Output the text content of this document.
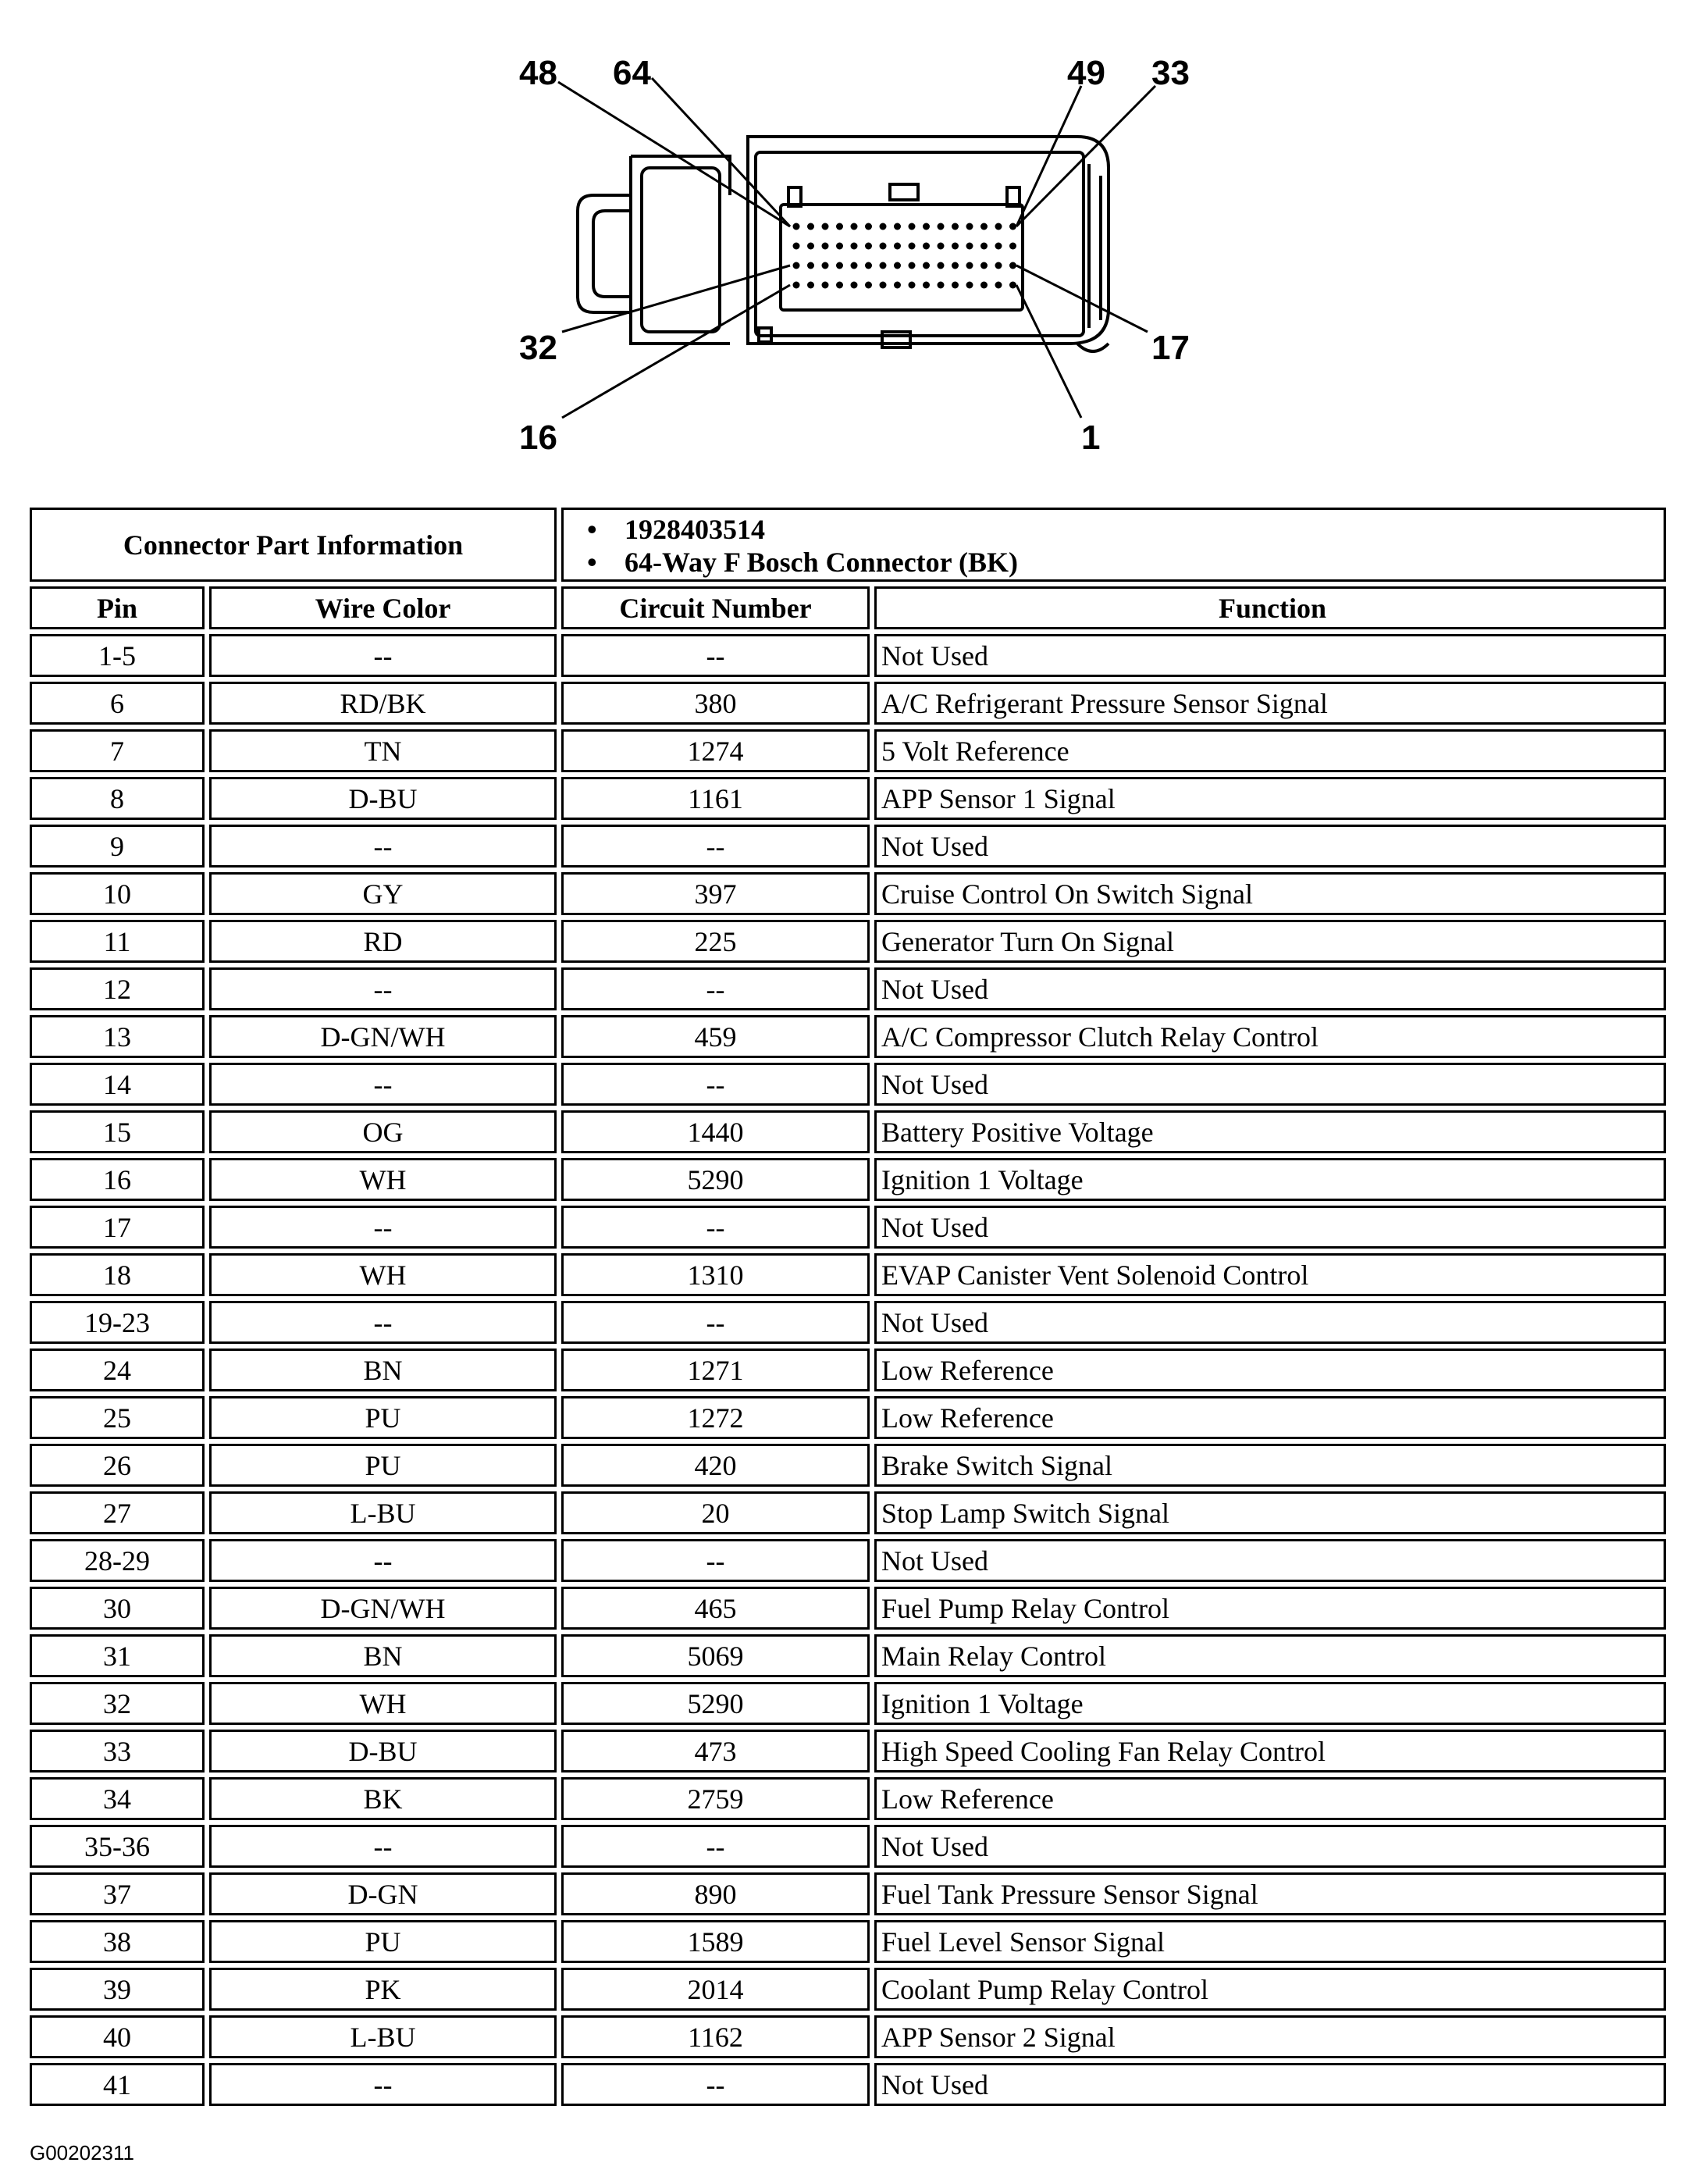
48 64	49 33
32	17
16	1
Connector Part Information
•	1928403514
• 64-Way F Bosch Connector (BK)
Pin	Wire Color	Circuit Number	Function
1-5	--	--	Not Used
6	RD/BK	380	A/C Refrigerant Pressure Sensor Signal
7	TN	1274	5 Volt Reference
8	D-BU	1161	APP Sensor 1 Signal
9	--	--	Not Used
10	GY	397	Cruise Control On Switch Signal
11	RD	225	Generator Turn On Signal
12	--	--	Not Used
13	D-GN/WH	459	A/C Compressor Clutch Relay Control
14	--	--	Not Used
15	OG	1440	Battery Positive Voltage
16	WH	5290	Ignition 1 Voltage
17	--	--	Not Used
18	WH	1310	EVAP Canister Vent Solenoid Control
19-23	--	--	Not Used
24	BN	1271	Low Reference
25	PU	1272	Low Reference
26	PU	420	Brake Switch Signal
27	L-BU	20	Stop Lamp Switch Signal
28-29	--	--	Not Used
30	D-GN/WH	465	Fuel Pump Relay Control
31	BN	5069	Main Relay Control
32	WH	5290	Ignition 1 Voltage
33	D-BU	473	High Speed Cooling Fan Relay Control
34	BK	2759	Low Reference
35-36	--	--	Not Used
37	D-GN	890	Fuel Tank Pressure Sensor Signal
38	PU	1589	Fuel Level Sensor Signal
39	PK	2014	Coolant Pump Relay Control
40	L-BU	1162	APP Sensor 2 Signal
41	--	--	Not Used
G00202311
